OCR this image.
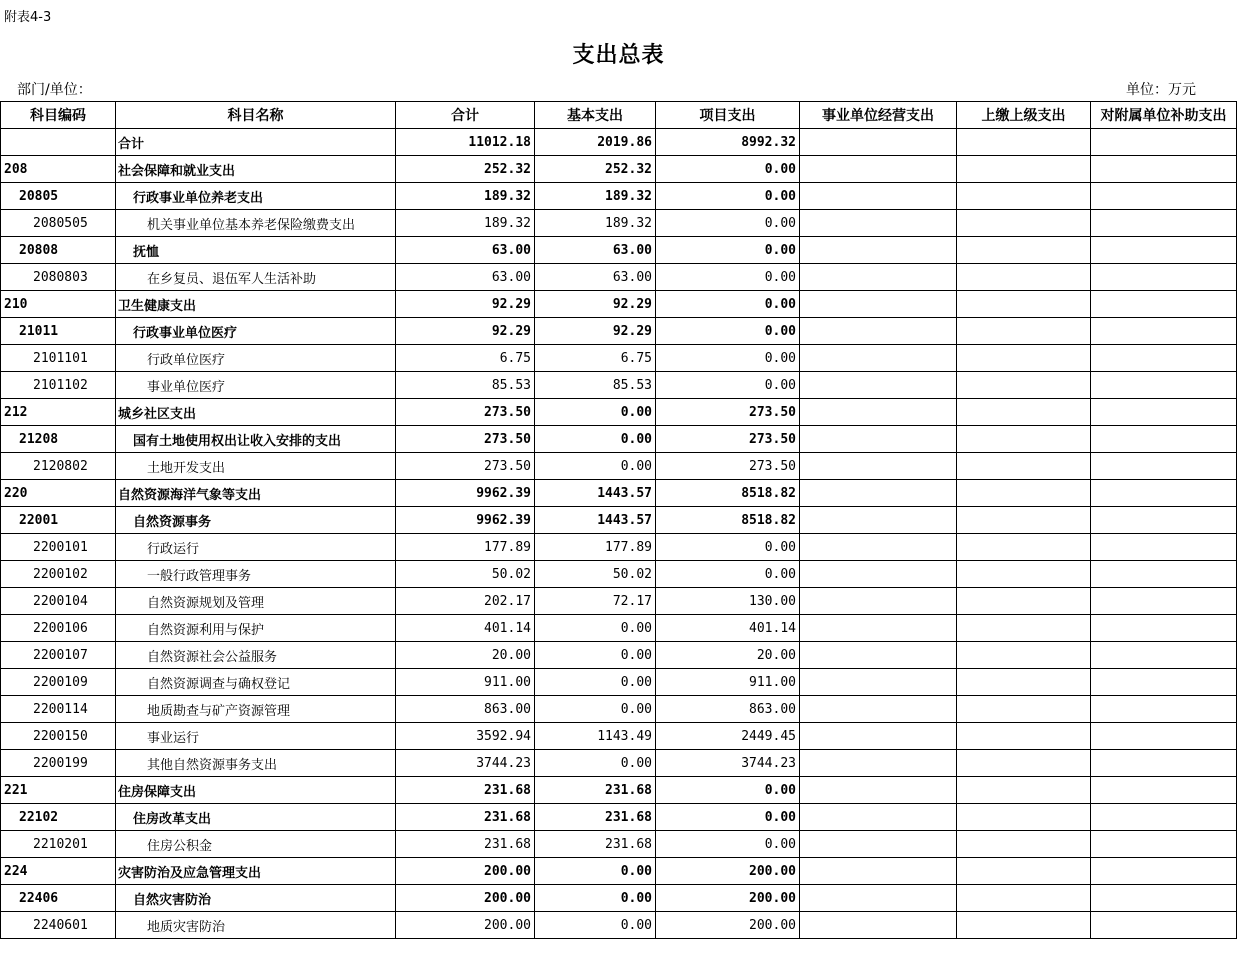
附表4-3
支出总表
部门/单位：	单位：万元
科目编码	科目名称	合计	基本支出	项目支出	事业单位经营支出	上缴上级支出	对附属单位补助支出
	合计	11012.18	2019.86	8992.32			
208	社会保障和就业支出	252.32	252.32	0.00			
20805	行政事业单位养老支出	189.32	189.32	0.00			
2080505	机关事业单位基本养老保险缴费支出	189.32	189.32	0.00			
20808	抚恤	63.00	63.00	0.00			
2080803	在乡复员、退伍军人生活补助	63.00	63.00	0.00			
210	卫生健康支出	92.29	92.29	0.00			
21011	行政事业单位医疗	92.29	92.29	0.00			
2101101	行政单位医疗	6.75	6.75	0.00			
2101102	事业单位医疗	85.53	85.53	0.00			
212	城乡社区支出	273.50	0.00	273.50			
21208	国有土地使用权出让收入安排的支出	273.50	0.00	273.50			
2120802	土地开发支出	273.50	0.00	273.50			
220	自然资源海洋气象等支出	9962.39	1443.57	8518.82			
22001	自然资源事务	9962.39	1443.57	8518.82			
2200101	行政运行	177.89	177.89	0.00			
2200102	一般行政管理事务	50.02	50.02	0.00			
2200104	自然资源规划及管理	202.17	72.17	130.00			
2200106	自然资源利用与保护	401.14	0.00	401.14			
2200107	自然资源社会公益服务	20.00	0.00	20.00			
2200109	自然资源调查与确权登记	911.00	0.00	911.00			
2200114	地质勘查与矿产资源管理	863.00	0.00	863.00			
2200150	事业运行	3592.94	1143.49	2449.45			
2200199	其他自然资源事务支出	3744.23	0.00	3744.23			
221	住房保障支出	231.68	231.68	0.00			
22102	住房改革支出	231.68	231.68	0.00			
2210201	住房公积金	231.68	231.68	0.00			
224	灾害防治及应急管理支出	200.00	0.00	200.00			
22406	自然灾害防治	200.00	0.00	200.00			
2240601	地质灾害防治	200.00	0.00	200.00			
